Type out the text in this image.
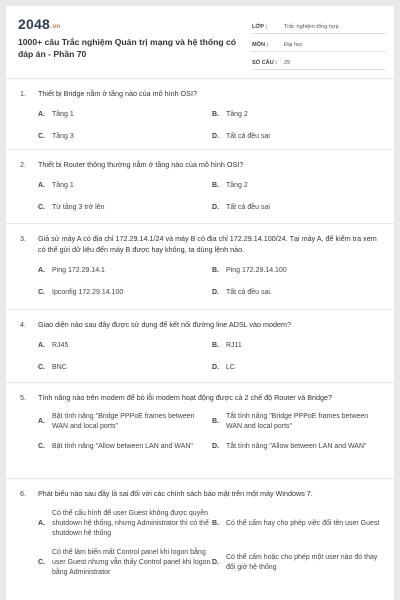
2048.vn
1000+ câu Trắc nghiệm Quản trị mạng và hệ thống có đáp án - Phần 70
LỚP :	Trắc nghiệm tổng hợp
MÔN :	Đại học
SỐ CÂU :	25
1.	Thiết bị Bridge nằm ở tầng nào của mô hình OSI?
A.	Tầng 1	B.	Tầng 2
C.	Tầng 3	D.	Tất cả đều sai
2.	Thiết bị Router thông thường nằm ở tầng nào của mô hình OSI?
A.	Tầng 1	B.	Tầng 2
C.	Từ tầng 3 trở lên	D.	Tất cả đều sai
3.	Giả sử máy A có địa chỉ 172.29.14.1/24 và máy B có địa chỉ 172.29.14.100/24. Tại máy A, để kiểm tra xem có thể gửi dữ liệu đến máy B được hay không, ta dùng lệnh nào.
A.	Ping 172.29.14.1	B.	Ping 172.29.14.100
C.	Ipconfig 172.29.14.100	D.	Tất cả đều sai.
4.	Giao diện nào sau đây được sử dụng để kết nối đường line ADSL vào modem?
A.	RJ45	B.	RJ11
C.	BNC	D.	LC
5.	Tính năng nào trên modem để bỏ lỗi modem hoạt động được cả 2 chế độ Router và Bridge?
A.
Bật tính năng "Bridge PPPoE frames between WAN and local ports"
B.
Tắt tính năng "Bridge PPPoE frames between WAN and local ports"
C.	Bật tính năng "Allow between LAN and WAN"	D.	Tắt tính năng "Allow between LAN and WAN"
6.	Phát biểu nào sau đây là sai đối với các chính sách bảo mật trên một máy Windows 7.
A.
Có thể cấu hình để user Guest không được quyền shutdown hệ thống, nhưng Administrator thì có thể shutdown hệ thống
B.	Có thể cấm hay cho phép việc đổi tên user Guest
C.
Có thể làm biến mất Control panel khi logon bằng user Guest nhưng vẫn thấy Control panel khi logon bằng Administrator
D.
Có thể cấm hoặc cho phép một user nào đó thay đổi giờ hệ thống
